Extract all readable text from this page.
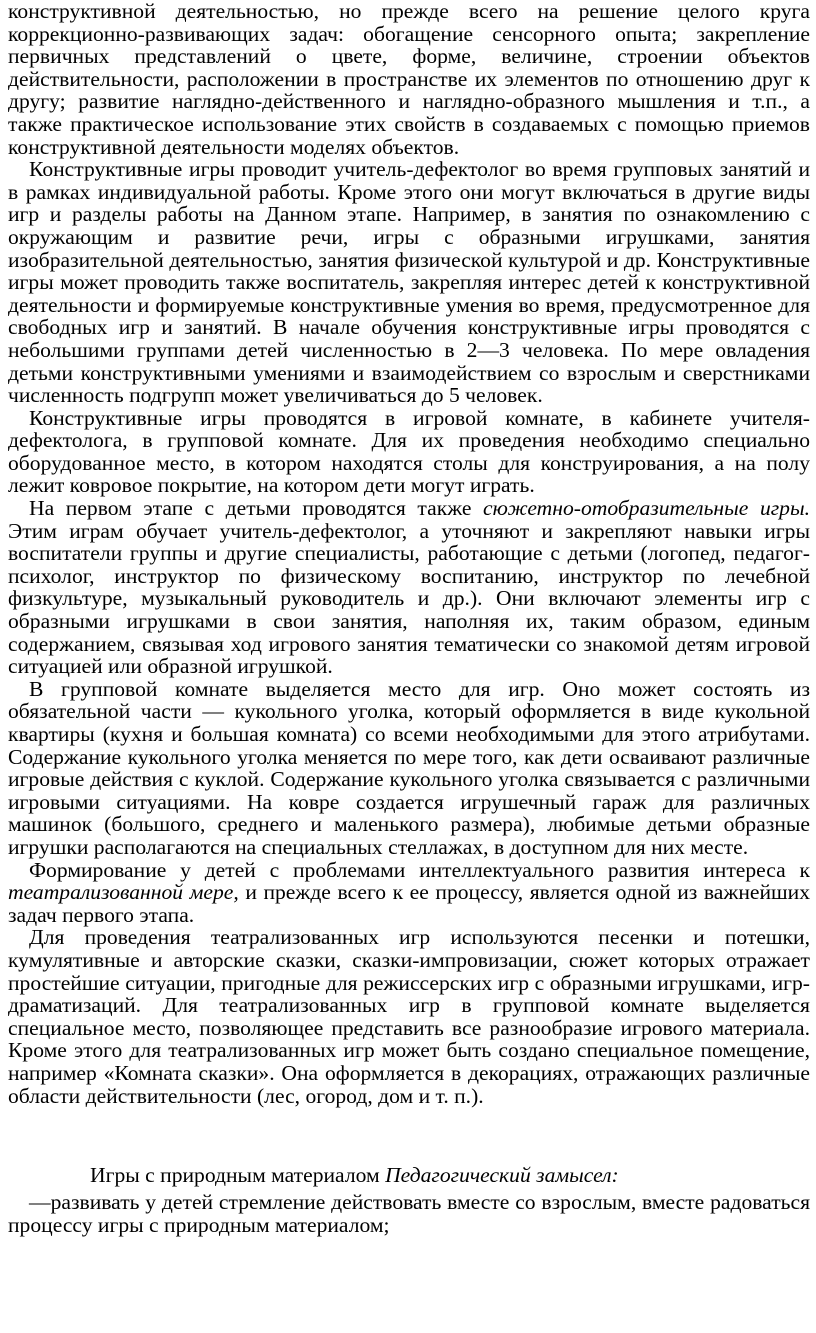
конструктивной деятельностью, но прежде всего на решение целого круга коррекционно-развивающих задач: обогащение сенсорного опыта; закрепление первичных представлений о цвете, форме, величине, строении объектов действительности, расположении в пространстве их элементов по отношению друг к другу; развитие наглядно-действенного и наглядно-образного мышления и т.п., а также практическое использование этих свойств в создаваемых с помощью приемов конструктивной деятельности моделях объектов.

Конструктивные игры проводит учитель-дефектолог во время групповых занятий и в рамках индивидуальной работы. Кроме этого они могут включаться в другие виды игр и разделы работы на Данном этапе. Например, в занятия по ознакомлению с окружающим и развитие речи, игры с образными игрушками, занятия изобразительной деятельностью, занятия физической культурой и др. Конструктивные игры может проводить также воспитатель, закрепляя интерес детей к конструктивной деятельности и формируемые конструктивные умения во время, предусмотренное для свободных игр и занятий. В начале обучения конструктивные игры проводятся с небольшими группами детей численностью в 2—3 человека. По мере овладения детьми конструктивными умениями и взаимодействием со взрослым и сверстниками численность подгрупп может увеличиваться до 5 человек.

Конструктивные игры проводятся в игровой комнате, в кабинете учителя-дефектолога, в групповой комнате. Для их проведения необходимо специально оборудованное место, в котором находятся столы для конструирования, а на полу лежит ковровое покрытие, на котором дети могут играть.

На первом этапе с детьми проводятся также сюжетно-отобразительные игры. Этим играм обучает учитель-дефектолог, а уточняют и закрепляют навыки игры воспитатели группы и другие специалисты, работающие с детьми (логопед, педагог-психолог, инструктор по физическому воспитанию, инструктор по лечебной физкультуре, музыкальный руководитель и др.). Они включают элементы игр с образными игрушками в свои занятия, наполняя их, таким образом, единым содержанием, связывая ход игрового занятия тематически со знакомой детям игровой ситуацией или образной игрушкой.

В групповой комнате выделяется место для игр. Оно может состоять из обязательной части — кукольного уголка, который оформляется в виде кукольной квартиры (кухня и большая комната) со всеми необходимыми для этого атрибутами. Содержание кукольного уголка меняется по мере того, как дети осваивают различные игровые действия с куклой. Содержание кукольного уголка связывается с различными игровыми ситуациями. На ковре создается игрушечный гараж для различных машинок (большого, среднего и маленького размера), любимые детьми образные игрушки располагаются на специальных стеллажах, в доступном для них месте.

Формирование у детей с проблемами интеллектуального развития интереса к театрализованной мере, и прежде всего к ее процессу, является одной из важнейших задач первого этапа.

Для проведения театрализованных игр используются песенки и потешки, кумулятивные и авторские сказки, сказки-импровизации, сюжет которых отражает простейшие ситуации, пригодные для режиссерских игр с образными игрушками, игр-драматизаций. Для театрализованных игр в групповой комнате выделяется специальное место, позволяющее представить все разнообразие игрового материала. Кроме этого для театрализованных игр может быть создано специальное помещение, например «Комната сказки». Она оформляется в декорациях, отражающих различные области действительности (лес, огород, дом и т. п.).

Игры с природным материалом Педагогический замысел:

—развивать у детей стремление действовать вместе со взрослым, вместе радоваться процессу игры с природным материалом;
